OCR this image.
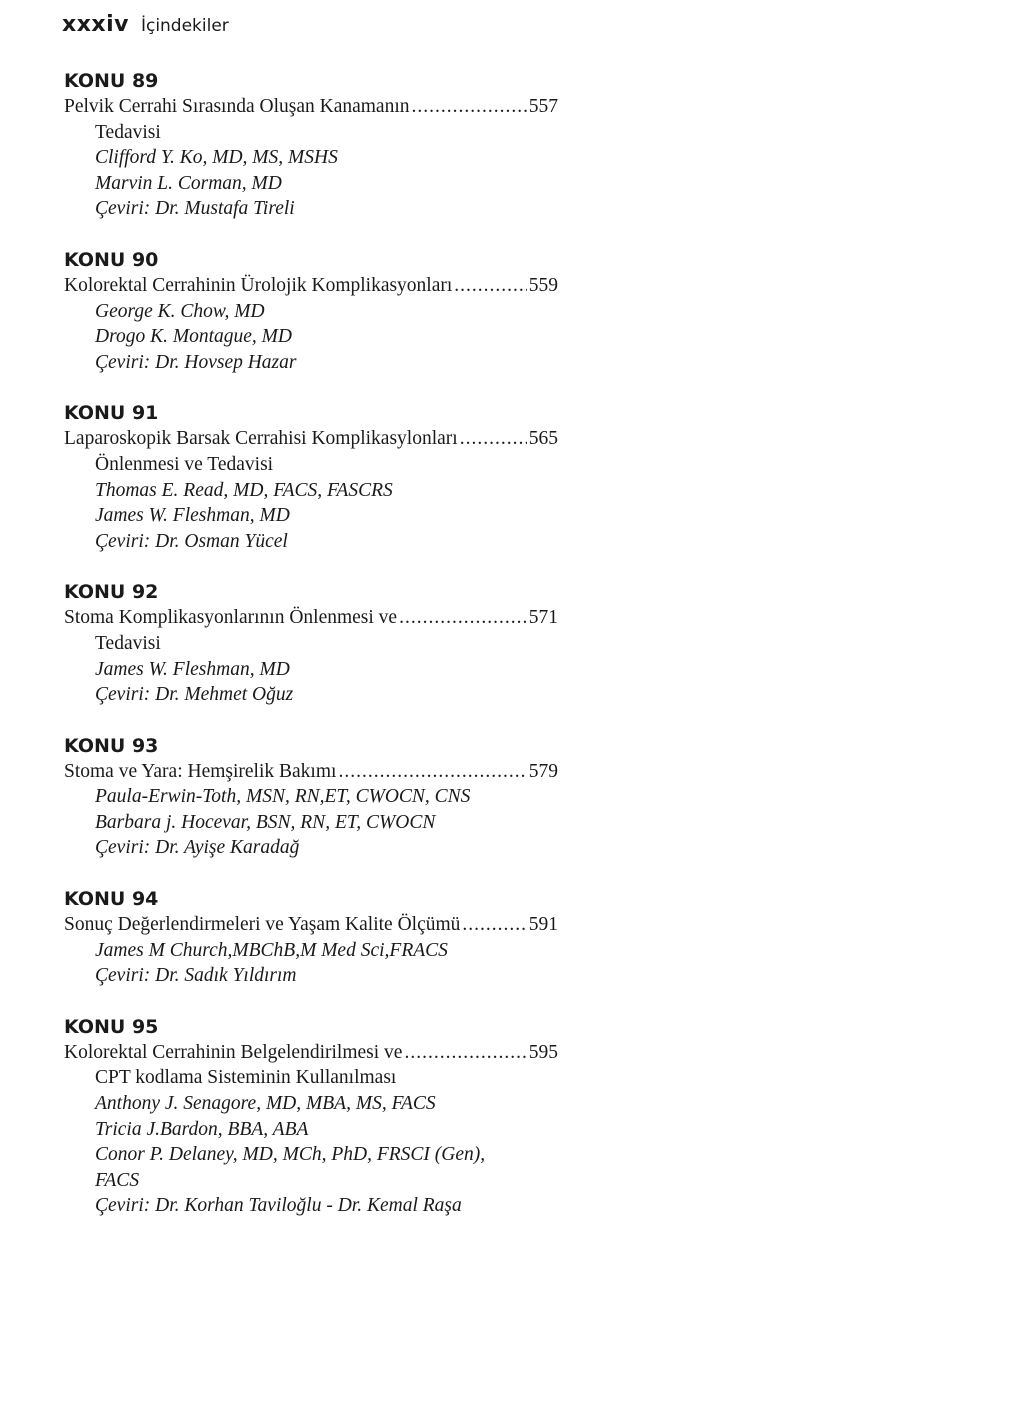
xxxiv İçindekiler
KONU 89
Pelvik Cerrahi Sırasında Oluşan Kanamanın .....	557
Tedavisi
Clifford Y. Ko, MD, MS, MSHS
Marvin L. Corman, MD
Çeviri: Dr. Mustafa Tireli
KONU 90
Kolorektal Cerrahinin Ürolojik Komplikasyonları .....	559
George K. Chow, MD
Drogo K. Montague, MD
Çeviri: Dr. Hovsep Hazar
KONU 91
Laparoskopik Barsak Cerrahisi Komplikasylonları .....	565
Önlenmesi ve Tedavisi
Thomas E. Read, MD, FACS, FASCRS
James W. Fleshman, MD
Çeviri: Dr. Osman Yücel
KONU 92
Stoma Komplikasyonlarının Önlenmesi ve .....	571
Tedavisi
James W. Fleshman, MD
Çeviri: Dr. Mehmet Oğuz
KONU 93
Stoma ve Yara: Hemşirelik Bakımı .....	579
Paula-Erwin-Toth, MSN, RN,ET, CWOCN, CNS
Barbara j. Hocevar, BSN, RN, ET, CWOCN
Çeviri: Dr. Ayişe Karadağ
KONU 94
Sonuç Değerlendirmeleri ve Yaşam Kalite Ölçümü .....	591
James M Church,MBChB,M Med Sci,FRACS
Çeviri: Dr. Sadık Yıldırım
KONU 95
Kolorektal Cerrahinin Belgelendirilmesi ve .....	595
CPT kodlama Sisteminin Kullanılması
Anthony J. Senagore, MD, MBA, MS, FACS
Tricia J.Bardon, BBA, ABA
Conor P. Delaney, MD, MCh, PhD, FRSCI (Gen),
FACS
Çeviri: Dr. Korhan Taviloğlu - Dr. Kemal Raşa
